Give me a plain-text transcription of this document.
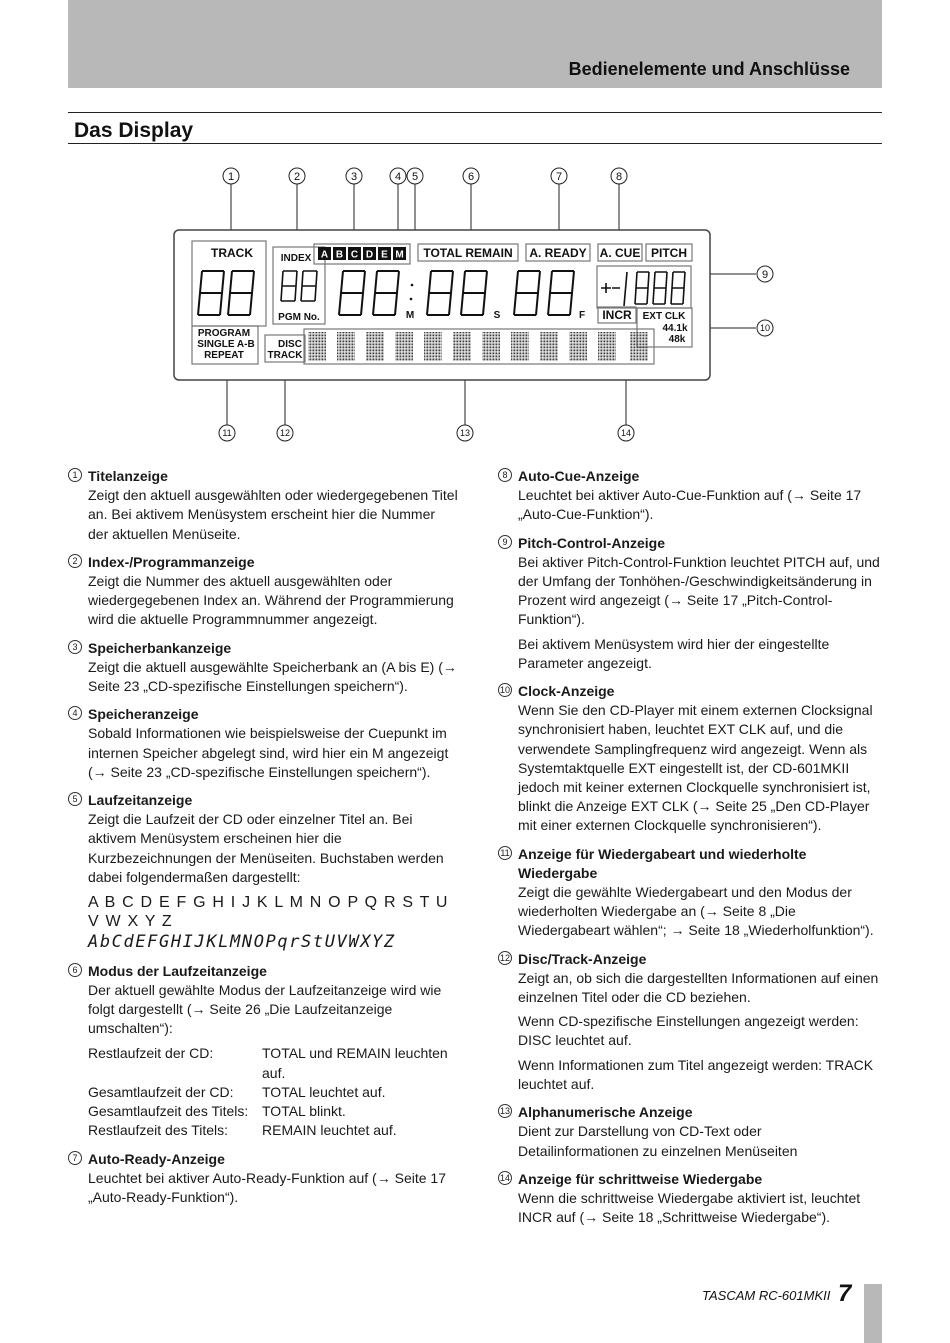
Bedienelemente und Anschlüsse
Das Display
1	2	3	4 5	6	7	8
9
10
11	12	13	14
TRACK	INDEX	TOTAL REMAIN A. READY A. CUE PITCH
PGM No.	M	S	F INCR EXT CLK
44.1k
48k
PROGRAM
SINGLE A-B
REPEAT
DISC
TRACK
A B C D E M
1 Titelanzeige
Zeigt den aktuell ausgewählten oder wiedergegebenen Titel an. Bei aktivem Menüsystem erscheint hier die Nummer der aktuellen Menüseite.
2 Index-/Programmanzeige
Zeigt die Nummer des aktuell ausgewählten oder wiedergegebenen Index an. Während der Programmierung wird die aktuelle Programmnummer angezeigt.
3 Speicherbankanzeige
Zeigt die aktuell ausgewählte Speicherbank an (A bis E) (→ Seite 23 „CD-spezifische Einstellungen speichern“).
4 Speicheranzeige
Sobald Informationen wie beispielsweise der Cuepunkt im internen Speicher abgelegt sind, wird hier ein M angezeigt (→ Seite 23 „CD-spezifische Einstellungen speichern“).
5 Laufzeitanzeige
Zeigt die Laufzeit der CD oder einzelner Titel an. Bei aktivem Menüsystem erscheinen hier die Kurzbezeichnungen der Menüseiten. Buchstaben werden dabei folgendermaßen dargestellt:
A B C D E F G H I J K L M N O P Q R S T U V W X Y Z
AbCdEFGHIJKLMNOPqrStUVWXYZ
6 Modus der Laufzeitanzeige
Der aktuell gewählte Modus der Laufzeitanzeige wird wie folgt dargestellt (→ Seite 26 „Die Laufzeitanzeige umschalten“):
Restlaufzeit der CD:	TOTAL und REMAIN leuchten auf.
Gesamtlaufzeit der CD:	TOTAL leuchtet auf.
Gesamtlaufzeit des Titels:	TOTAL blinkt.
Restlaufzeit des Titels:	REMAIN leuchtet auf.
7 Auto-Ready-Anzeige
Leuchtet bei aktiver Auto-Ready-Funktion auf (→ Seite 17 „Auto-Ready-Funktion“).
8 Auto-Cue-Anzeige
Leuchtet bei aktiver Auto-Cue-Funktion auf (→ Seite 17 „Auto-Cue-Funktion“).
9 Pitch-Control-Anzeige
Bei aktiver Pitch-Control-Funktion leuchtet PITCH auf, und der Umfang der Tonhöhen-/Geschwindigkeitsänderung in Prozent wird angezeigt (→ Seite 17 „Pitch-Control-Funktion“).
Bei aktivem Menüsystem wird hier der eingestellte Parameter angezeigt.
10 Clock-Anzeige
Wenn Sie den CD-Player mit einem externen Clocksignal synchronisiert haben, leuchtet EXT CLK auf, und die verwendete Samplingfrequenz wird angezeigt. Wenn als Systemtaktquelle EXT eingestellt ist, der CD-601MKII jedoch mit keiner externen Clockquelle synchronisiert ist, blinkt die Anzeige EXT CLK (→ Seite 25 „Den CD-Player mit einer externen Clockquelle synchronisieren“).
11 Anzeige für Wiedergabeart und wiederholte Wiedergabe
Zeigt die gewählte Wiedergabeart und den Modus der wiederholten Wiedergabe an (→ Seite 8 „Die Wiedergabeart wählen“; → Seite 18 „Wiederholfunktion“).
12 Disc/Track-Anzeige
Zeigt an, ob sich die dargestellten Informationen auf einen einzelnen Titel oder die CD beziehen.
Wenn CD-spezifische Einstellungen angezeigt werden: DISC leuchtet auf.
Wenn Informationen zum Titel angezeigt werden: TRACK leuchtet auf.
13 Alphanumerische Anzeige
Dient zur Darstellung von CD-Text oder Detailinformationen zu einzelnen Menüseiten
14 Anzeige für schrittweise Wiedergabe
Wenn die schrittweise Wiedergabe aktiviert ist, leuchtet INCR auf (→ Seite 18 „Schrittweise Wiedergabe“).
TASCAM RC-601MKII 7
